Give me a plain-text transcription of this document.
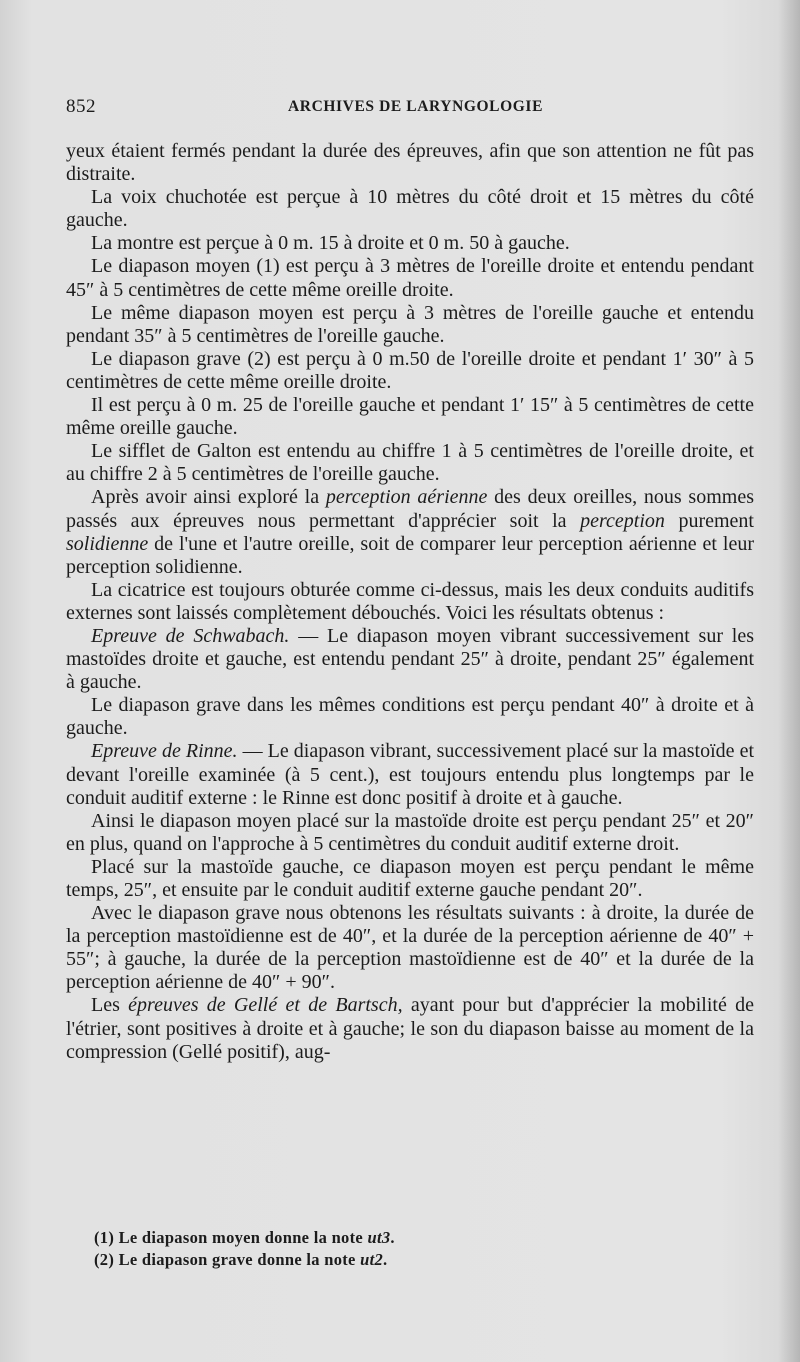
852	ARCHIVES DE LARYNGOLOGIE

yeux étaient fermés pendant la durée des épreuves, afin que son attention ne fût pas distraite.

La voix chuchotée est perçue à 10 mètres du côté droit et 15 mètres du côté gauche.

La montre est perçue à 0 m. 15 à droite et 0 m. 50 à gauche.

Le diapason moyen (1) est perçu à 3 mètres de l'oreille droite et entendu pendant 45″ à 5 centimètres de cette même oreille droite.

Le même diapason moyen est perçu à 3 mètres de l'oreille gauche et entendu pendant 35″ à 5 centimètres de l'oreille gauche.

Le diapason grave (2) est perçu à 0 m.50 de l'oreille droite et pendant 1′ 30″ à 5 centimètres de cette même oreille droite.

Il est perçu à 0 m. 25 de l'oreille gauche et pendant 1′ 15″ à 5 centimètres de cette même oreille gauche.

Le sifflet de Galton est entendu au chiffre 1 à 5 centimètres de l'oreille droite, et au chiffre 2 à 5 centimètres de l'oreille gauche.

Après avoir ainsi exploré la perception aérienne des deux oreilles, nous sommes passés aux épreuves nous permettant d'apprécier soit la perception purement solidienne de l'une et l'autre oreille, soit de comparer leur perception aérienne et leur perception solidienne.

La cicatrice est toujours obturée comme ci-dessus, mais les deux conduits auditifs externes sont laissés complètement débouchés. Voici les résultats obtenus :

Epreuve de Schwabach. — Le diapason moyen vibrant successivement sur les mastoïdes droite et gauche, est entendu pendant 25″ à droite, pendant 25″ également à gauche.

Le diapason grave dans les mêmes conditions est perçu pendant 40″ à droite et à gauche.

Epreuve de Rinne. — Le diapason vibrant, successivement placé sur la mastoïde et devant l'oreille examinée (à 5 cent.), est toujours entendu plus longtemps par le conduit auditif externe : le Rinne est donc positif à droite et à gauche.

Ainsi le diapason moyen placé sur la mastoïde droite est perçu pendant 25″ et 20″ en plus, quand on l'approche à 5 centimètres du conduit auditif externe droit.

Placé sur la mastoïde gauche, ce diapason moyen est perçu pendant le même temps, 25″, et ensuite par le conduit auditif externe gauche pendant 20″.

Avec le diapason grave nous obtenons les résultats suivants : à droite, la durée de la perception mastoïdienne est de 40″, et la durée de la perception aérienne de 40″ + 55″; à gauche, la durée de la perception mastoïdienne est de 40″ et la durée de la perception aérienne de 40″ + 90″.

Les épreuves de Gellé et de Bartsch, ayant pour but d'apprécier la mobilité de l'étrier, sont positives à droite et à gauche; le son du diapason baisse au moment de la compression (Gellé positif), aug-

(1) Le diapason moyen donne la note ut3.

(2) Le diapason grave donne la note ut2.
